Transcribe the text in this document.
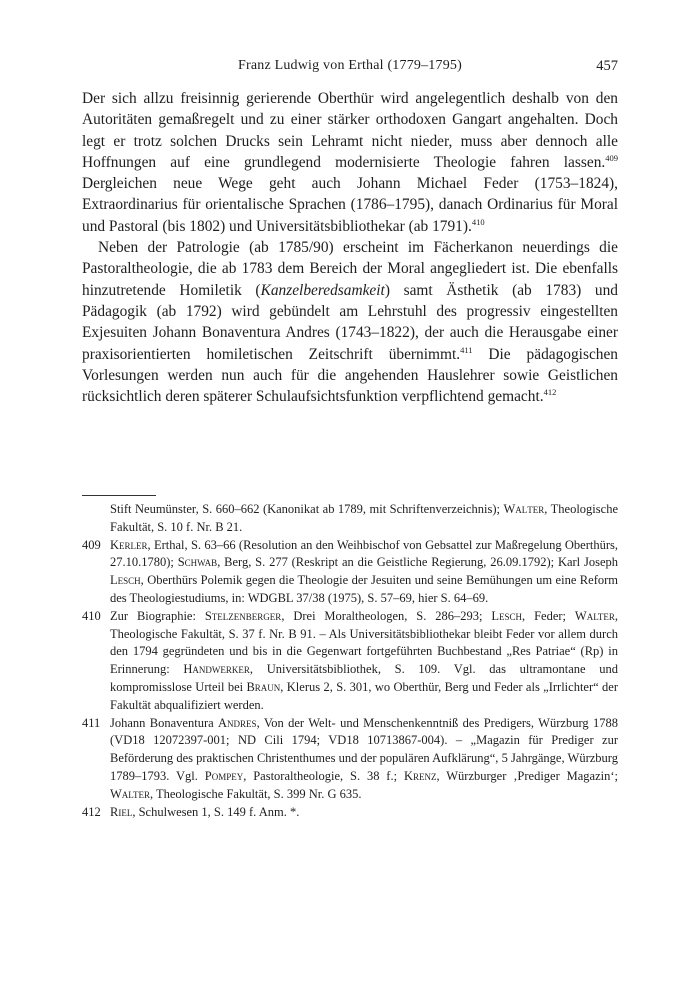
Franz Ludwig von Erthal (1779–1795)	457

Der sich allzu freisinnig gerierende Oberthür wird angelegentlich deshalb von den Autoritäten gemaßregelt und zu einer stärker orthodoxen Gangart angehalten. Doch legt er trotz solchen Drucks sein Lehramt nicht nieder, muss aber dennoch alle Hoffnungen auf eine grundlegend modernisierte Theologie fahren lassen.$^{409}$ Dergleichen neue Wege geht auch Johann Michael Feder (1753–1824), Extraordinarius für orientalische Sprachen (1786–1795), danach Ordinarius für Moral und Pastoral (bis 1802) und Universitätsbibliothekar (ab 1791).$^{410}$

Neben der Patrologie (ab 1785/90) erscheint im Fächerkanon neuerdings die Pastoraltheologie, die ab 1783 dem Bereich der Moral angegliedert ist. Die ebenfalls hinzutretende Homiletik (Kanzelberedsamkeit) samt Ästhetik (ab 1783) und Pädagogik (ab 1792) wird gebündelt am Lehrstuhl des progressiv eingestellten Exjesuiten Johann Bonaventura Andres (1743–1822), der auch die Herausgabe einer praxisorientierten homiletischen Zeitschrift übernimmt.$^{411}$ Die pädagogischen Vorlesungen werden nun auch für die angehenden Hauslehrer sowie Geistlichen rücksichtlich deren späterer Schulaufsichtsfunktion verpflichtend gemacht.$^{412}$

Stift Neumünster, S. 660–662 (Kanonikat ab 1789, mit Schriftenverzeichnis); Walter, Theologische Fakultät, S. 10 f. Nr. B 21.
409 Kerler, Erthal, S. 63–66 (Resolution an den Weihbischof von Gebsattel zur Maßregelung Oberthürs, 27.10.1780); Schwab, Berg, S. 277 (Reskript an die Geistliche Regierung, 26.09.1792); Karl Joseph Lesch, Oberthürs Polemik gegen die Theologie der Jesuiten und seine Bemühungen um eine Reform des Theologiestudiums, in: WDGBL 37/38 (1975), S. 57–69, hier S. 64–69.
410 Zur Biographie: Stelzenberger, Drei Moraltheologen, S. 286–293; Lesch, Feder; Walter, Theologische Fakultät, S. 37 f. Nr. B 91. – Als Universitätsbibliothekar bleibt Feder vor allem durch den 1794 gegründeten und bis in die Gegenwart fortgeführten Buchbestand „Res Patriae“ (Rp) in Erinnerung: Handwerker, Universitätsbibliothek, S. 109. Vgl. das ultramontane und kompromisslose Urteil bei Braun, Klerus 2, S. 301, wo Oberthür, Berg und Feder als „Irrlichter“ der Fakultät abqualifiziert werden.
411 Johann Bonaventura Andres, Von der Welt- und Menschenkenntniß des Predigers, Würzburg 1788 (VD18 12072397-001; ND Cili 1794; VD18 10713867-004). – „Magazin für Prediger zur Beförderung des praktischen Christenthumes und der populären Aufklärung“, 5 Jahrgänge, Würzburg 1789–1793. Vgl. Pompey, Pastoraltheologie, S. 38 f.; Krenz, Würzburger ‚Prediger Magazin‘; Walter, Theologische Fakultät, S. 399 Nr. G 635.
412 Riel, Schulwesen 1, S. 149 f. Anm. *.
